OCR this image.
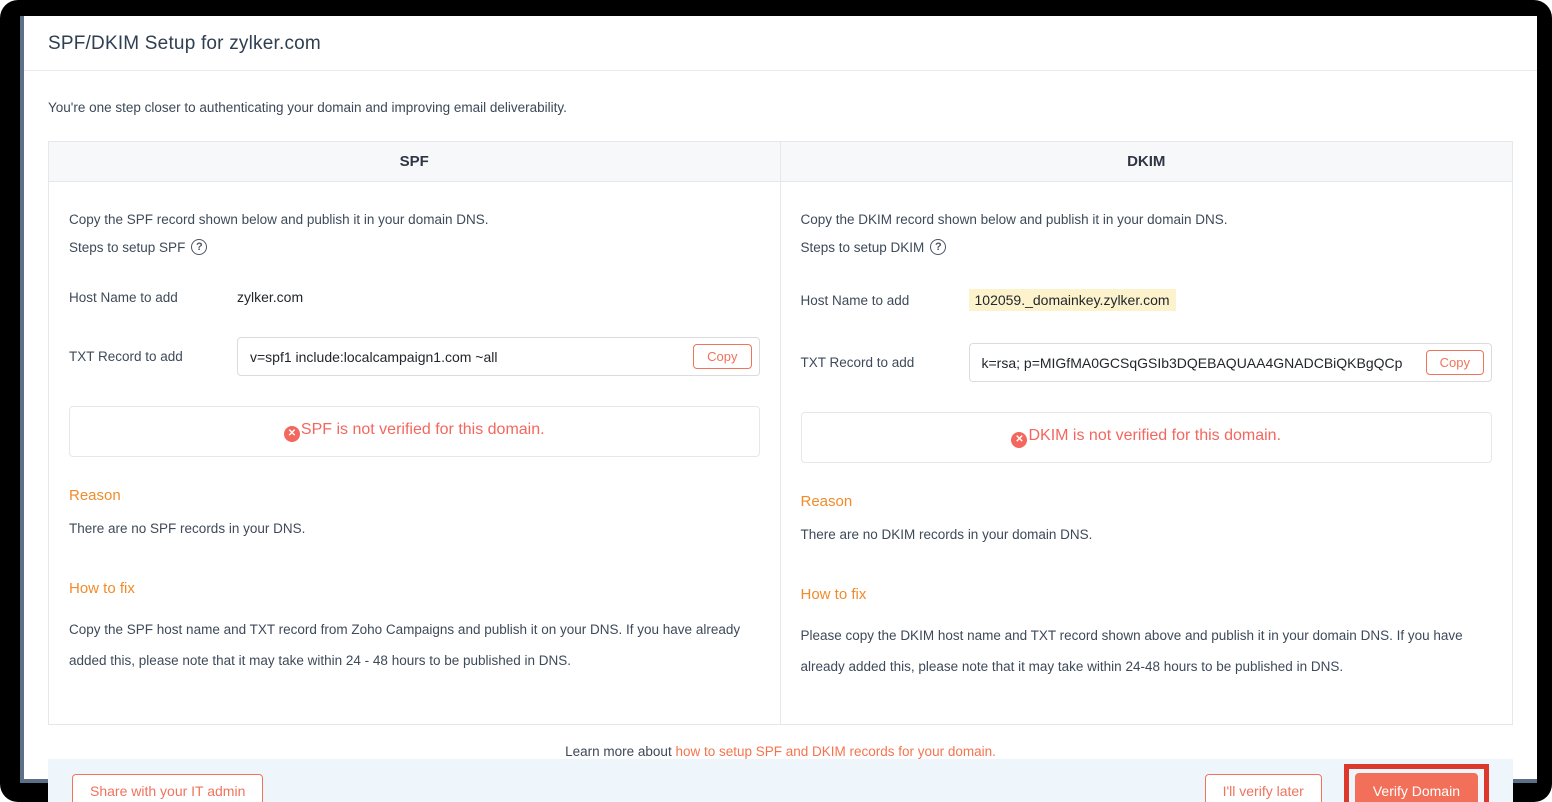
SPF/DKIM Setup for zylker.com
You're one step closer to authenticating your domain and improving email deliverability.
SPF	DKIM
Copy the SPF record shown below and publish it in your domain DNS.
Steps to setup SPF ?
Host Name to add	zylker.com
TXT Record to add	v=spf1 include:localcampaign1.com ~all	Copy
✕ SPF is not verified for this domain.
Reason
There are no SPF records in your DNS.
How to fix
Copy the SPF host name and TXT record from Zoho Campaigns and publish it on your DNS. If you have already added this, please note that it may take within 24 - 48 hours to be published in DNS.
Copy the DKIM record shown below and publish it in your domain DNS.
Steps to setup DKIM ?
Host Name to add	102059._domainkey.zylker.com
TXT Record to add	k=rsa; p=MIGfMA0GCSqGSIb3DQEBAQUAA4GNADCBiQKBgQCp	Copy
✕ DKIM is not verified for this domain.
Reason
There are no DKIM records in your domain DNS.
How to fix
Please copy the DKIM host name and TXT record shown above and publish it in your domain DNS. If you have already added this, please note that it may take within 24-48 hours to be published in DNS.
Learn more about how to setup SPF and DKIM records for your domain.
Share with your IT admin	I'll verify later	Verify Domain
